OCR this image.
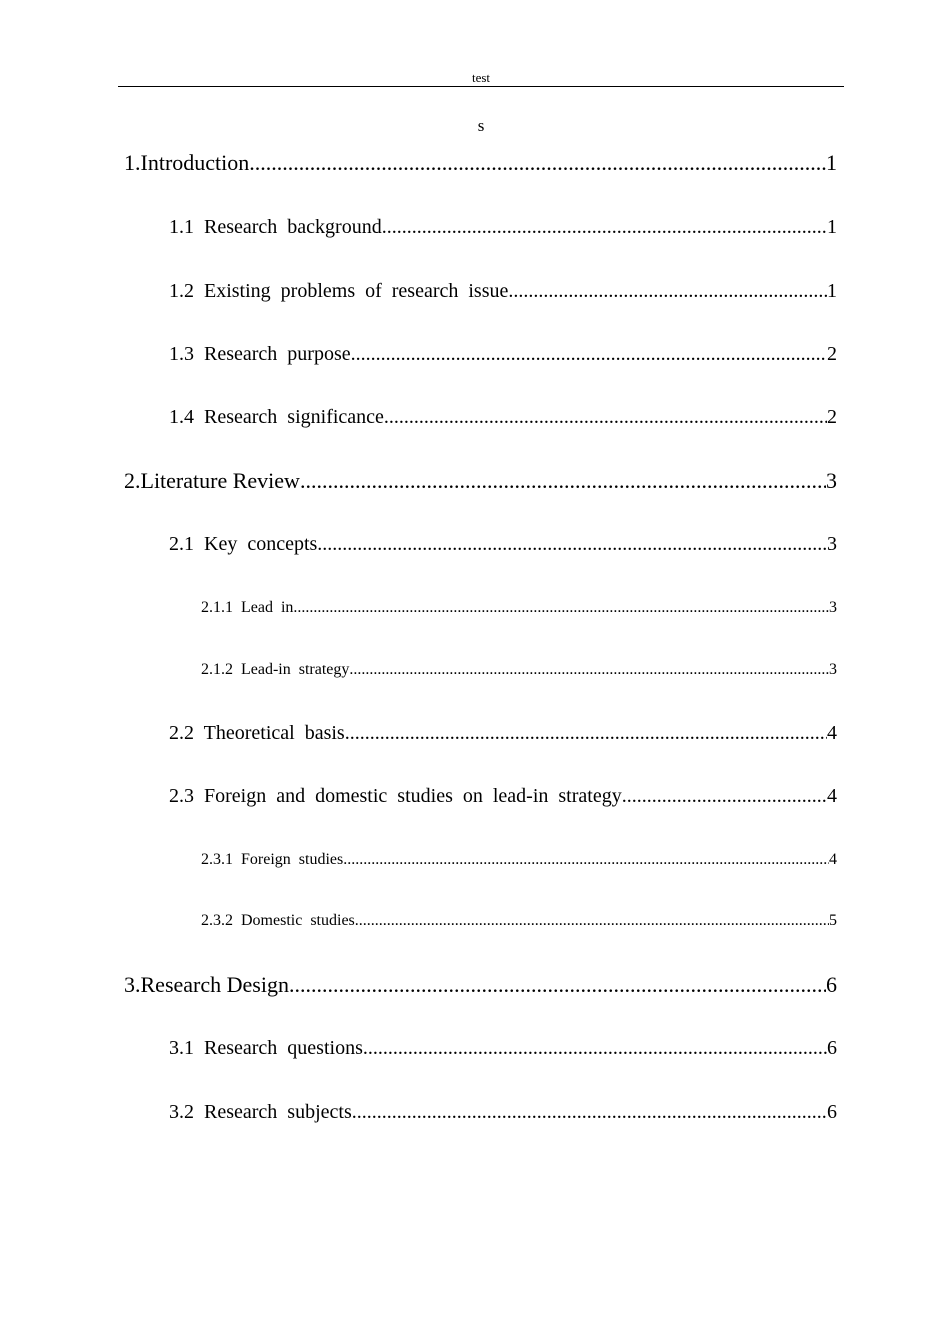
test
s
1.Introduction .....	1
1.1 Research background .....	1
1.2 Existing problems of research issue .....	1
1.3 Research purpose .....	2
1.4 Research significance .....	2
2.Literature Review .....	3
2.1 Key concepts .....	3
2.1.1 Lead in .....	3
2.1.2 Lead-in strategy .....	3
2.2 Theoretical basis .....	4
2.3 Foreign and domestic studies on lead-in strategy .....	4
2.3.1 Foreign studies .....	4
2.3.2 Domestic studies .....	5
3.Research Design .....	6
3.1 Research questions .....	6
3.2 Research subjects .....	6
